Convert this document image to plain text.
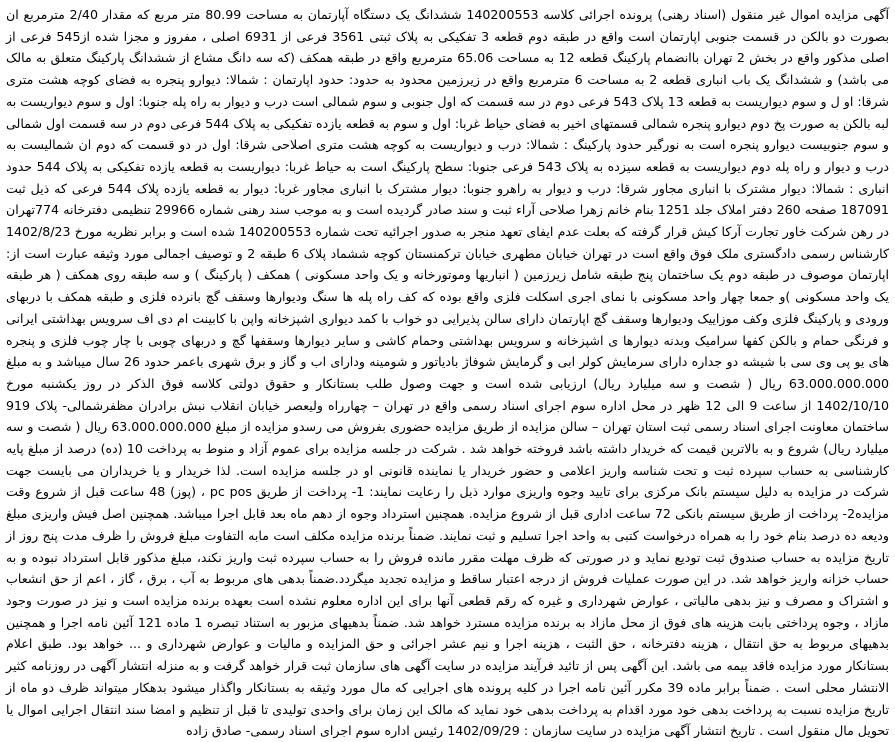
آگهی مزایده اموال غیر منقول (اسناد رهنی) پرونده اجرائی کلاسه 140200553 ششدانگ یک دستگاه آپارتمان به مساحت 80.99 متر مربع که مقدار 2/40 مترمربع ان بصورت دو بالکن در قسمت جنوبی اپارتمان است واقع در طبقه دوم قطعه 3 تفکیکی به پلاک ثبتی 3561 فرعی از 6931 اصلی ، مفروز و مجزا شده از545 فرعی از اصلی مذکور واقع در بخش 2 تهران باانضمام پارکینگ قطعه 12 به مساحت 65.06 مترمربع واقع در طبقه همکف (که سه دانگ مشاع از ششدانگ پارکینگ متعلق به مالک می باشد) و ششدانگ یک باب انباری قطعه 2 به مساحت 6 مترمربع واقع در زیرزمین محدود به حدود: حدود اپارتمان : شمالا: دیوارو پنجره به فضای کوچه هشت متری شرقا: او ل و سوم دیواریست به قطعه 13 پلاک 543 فرعی دوم در سه قسمت که اول جنوبی و سوم شمالی است درب و دیوار به راه پله جنوبا: اول و سوم دیواریست به لبه بالکن به صورت پخ دوم دیوارو پنجره شمالی قسمتهای اخیر به فضای حیاط غربا: اول و سوم به قطعه یازده تفکیکی به پلاک 544 فرعی دوم در سه قسمت اول شمالی و سوم جنوبیست دیوارو پنجره است به نورگیر حدود پارکینگ : شمالا: درب و دیواریست به کوچه هشت متری اصلاحی شرقا: اول در دو قسمت که دوم ان شمالیست به درب و دیوار و راه پله دوم دیواریست به قطعه سیزده به پلاک 543 فرعی جنوبا: سطح پارکینگ است به حیاط غربا: دیواریست به قطعه یازده تفکیکی به پلاک 544 حدود انباری : شمالا: دیوار مشترک با انباری مجاور شرقا: درب و دیوار به راهرو جنوبا: دیوار مشترک با انباری مجاور غربا: دیوار به قطعه یازده پلاک 544 فرعی که ذیل ثبت 187091 صفحه 260 دفتر املاک جلد 1251 بنام خانم زهرا صلاحی آراء ثبت و سند صادر گردیده است و به موجب سند رهنی شماره 29966 تنظیمی دفترخانه 774تهران در رهن شرکت خاور تجارت آرکا کیش قرار گرفته که بعلت عدم ایفای تعهد منجر به صدور اجرائیه تحت شماره 140200553 شده است و برابر نظریه مورخ 1402/8/23 کارشناس رسمی دادگستری ملک فوق واقع است در تهران خیابان مطهری خیابان ترکمنستان کوچه ششماد پلاک 6 طبقه 2 و توصیف اجمالی مورد وثیقه عبارت است از: اپارتمان موصوف در طبقه دوم یک ساختمان پنج طبقه شامل زیرزمین ( انباریها وموتورخانه و یک واحد مسکونی ) همکف ( پارکینگ ) و سه طبقه روی همکف ( هر طبقه یک واحد مسکونی )و جمعا چهار واحد مسکونی با نمای اجری اسکلت فلزی واقع بوده که کف راه پله ها سنگ ودیوارها وسقف گچ بانرده فلزی و طبقه همکف با دربهای ورودی و پارکینگ فلزی وکف موزاییک ودیوارها وسقف گچ اپارتمان دارای سالن پذیرایی دو خواب با کمد دیواری اشپزخانه واپن با کابینت ام دی اف سرویس بهداشتی ایرانی و فرنگی حمام و بالکن کفها سرامیک وبدنه دیوارها ی اشپزخانه و سرویس بهداشتی وحمام کاشی و سایر دیوارها وسقفها گچ و دربهای چوبی با چار چوب فلزی و پنجره های یو پی وی سی با شیشه دو جداره دارای سرمایش کولر ابی و گرمایش شوفاژ بادیاتور و شومینه ودارای اب و گاز و برق شهری باعمر حدود 26 سال میباشد و به مبلغ 63.000.000.000 ریال ( شصت و سه میلیارد ریال) ارزیابی شده است و جهت وصول طلب بستانکار و حقوق دولتی کلاسه فوق الذکر در روز یکشنبه مورخ 1402/10/10 از ساعت 9 الی 12 ظهر در محل اداره سوم اجرای اسناد رسمی واقع در تهران – چهارراه ولیعصر خیابان انقلاب نبش برادران مظفرشمالی- پلاک 919 ساختمان معاونت اجرای اسناد رسمی ثبت استان تهران – سالن مزایده از طریق مزایده حضوری بفروش می رسدو مزایده از مبلغ 63.000.000.000 ریال ( شصت و سه میلیارد ریال) شروع و به بالاترین قیمت که خریدار داشته باشد فروخته خواهد شد . شرکت در جلسه مزایده برای عموم آزاد و منوط به پرداخت 10 (ده) درصد از مبلغ پایه کارشناسی به حساب سپرده ثبت و تحت شناسه واریز اعلامی و حضور خریدار یا نماینده قانونی او در جلسه مزایده است. لذا خریدار و یا خریداران می بایست جهت شرکت در مزایده به دلیل سیستم بانک مرکزی برای تایید وجوه واریزی موارد ذیل را رعایت نمایند: 1- پرداخت از طریق pc pos ، (پوز) 48 ساعت قبل از شروع وقت مزایده2- پرداخت از طریق سیستم بانکی 72 ساعت اداری قبل از شروع مزایده. همچنین استرداد وجوه از دهم ماه بعد قابل اجرا میباشد. همچنین اصل فیش واریزی مبلغ ودیعه ده درصد بنام خود را به همراه درخواست کتبی به واحد اجرا تسلیم و ثبت نمایند. ضمناً برنده مزایده مکلف است مابه التفاوت مبلغ فروش را ظرف مدت پنج روز از تاریخ مزایده به حساب صندوق ثبت تودیع نماید و در صورتی که ظرف مهلت مقرر مانده فروش را به حساب سپرده ثبت واریز نکند، مبلغ مذکور قابل استرداد نبوده و به حساب خزانه واریز خواهد شد. در این صورت عملیات فروش از درجه اعتبار ساقط و مزایده تجدید میگردد.ضمناً بدهی های مربوط به آب ، برق ، گاز ، اعم از حق انشعاب و اشتراک و مصرف و نیز بدهی مالیاتی ، عوارض شهرداری و غیره که رقم قطعی آنها برای این اداره معلوم نشده است بعهده برنده مزایده است و نیز در صورت وجود مازاد ، وجوه پرداختی بابت هزینه های فوق از محل مازاد به برنده مزایده مسترد خواهد شد. ضمناً بدهیهای مزبور به استناد تبصره 1 ماده 121 آئین نامه اجرا و همچنین بدهیهای مربوط به حق انتقال ، هزینه دفترخانه ، حق الثبت ، هزینه اجرا و نیم عشر اجرائی و حق المزایده و مالیات و عوارض شهرداری و ... خواهد بود. طبق اعلام بستانکار مورد مزایده فاقد بیمه می باشد. این آگهی پس از تائید فرآیند مزایده در سایت آگهی های سازمان ثبت قرار خواهد گرفت و به منزله انتشار آگهی در روزنامه کثیر الانتشار محلی است . ضمناً برابر ماده 39 مکرر آئین نامه اجرا در کلیه پرونده های اجرایی که مال مورد وثیقه به بستانکار واگذار میشود بدهکار میتواند ظرف دو ماه از تاریخ مزایده نسبت به پرداخت بدهی خود مورد اقدام به پرداخت بدهی خود نماید که مالک این زمان برای واحدی تولیدی تا قبل از تنظیم و امضا سند انتقال اجرایی اموال یا تحویل مال منقول است . تاریخ انتشار آگهی مزایده در سایت سازمان : 1402/09/29 رئیس اداره سوم اجرای اسناد رسمی- صادق زاده
